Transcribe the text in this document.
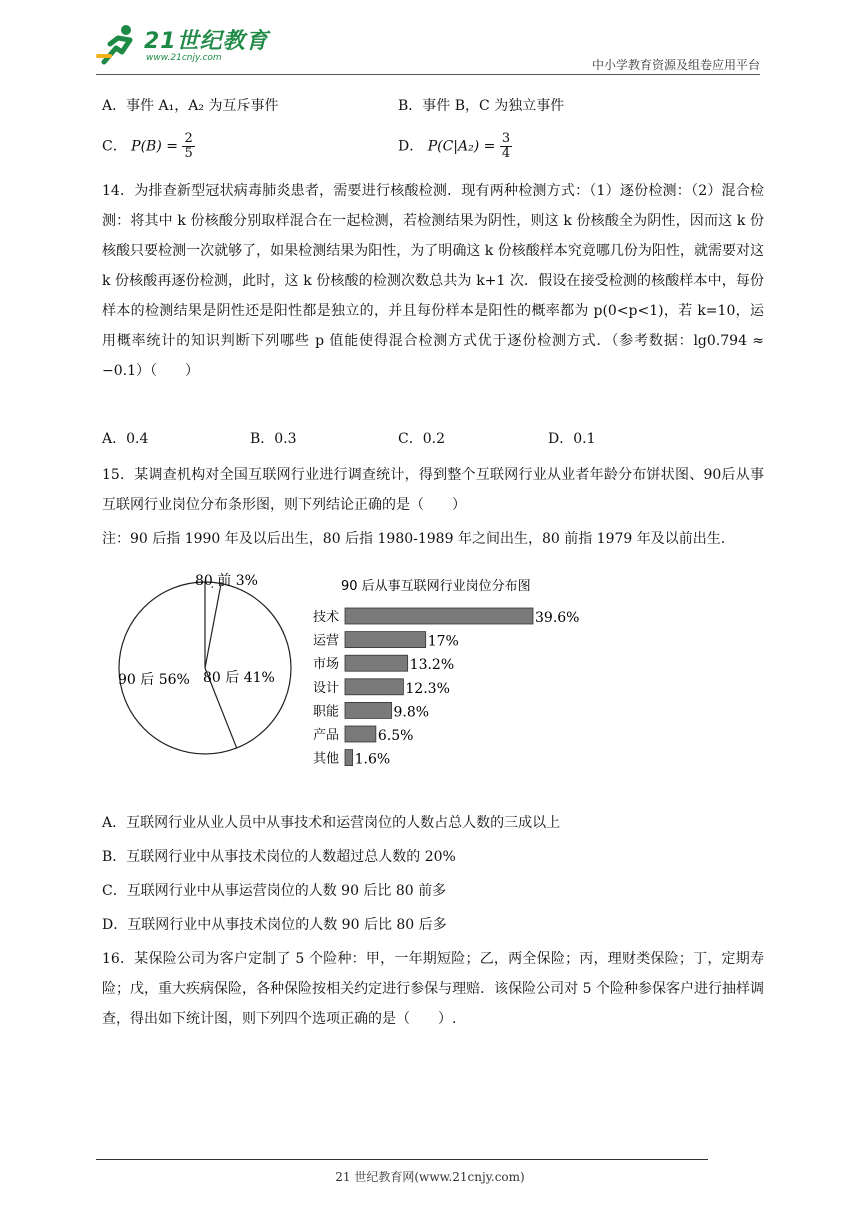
21世纪教育
www.21cnjy.com	中小学教育资源及组卷应用平台
A．事件 A₁，A₂ 为互斥事件	B．事件 B，C 为独立事件
C． $P(B) = \frac{2}{5}$	D． $P(C|A_2) = \frac{3}{4}$
14．为排查新型冠状病毒肺炎患者，需要进行核酸检测．现有两种检测方式：（1）逐份检测：（2）混合检测：将其中 k 份核酸分别取样混合在一起检测，若检测结果为阴性，则这 k 份核酸全为阴性，因而这 k 份核酸只要检测一次就够了，如果检测结果为阳性，为了明确这 k 份核酸样本究竟哪几份为阳性，就需要对这 k 份核酸再逐份检测，此时，这 k 份核酸的检测次数总共为 k+1 次．假设在接受检测的核酸样本中，每份样本的检测结果是阴性还是阳性都是独立的，并且每份样本是阳性的概率都为 p(0<p<1)，若 k=10，运用概率统计的知识判断下列哪些 p 值能使得混合检测方式优于逐份检测方式．（参考数据：lg0.794 ≈ −0.1）（　　）
A．0.4	B．0.3	C．0.2	D．0.1
15．某调查机构对全国互联网行业进行调查统计，得到整个互联网行业从业者年龄分布饼状图、90后从事互联网行业岗位分布条形图，则下列结论正确的是（　　）
注：90 后指 1990 年及以后出生，80 后指 1980-1989 年之间出生，80 前指 1979 年及以前出生.
80 前 3%
80 后 41%
90 后 56%
90 后从事互联网行业岗位分布图
技术	39.6%
运营	17%
市场	13.2%
设计	12.3%
职能	9.8%
产品	6.5%
其他 1.6%
A．互联网行业从业人员中从事技术和运营岗位的人数占总人数的三成以上
B．互联网行业中从事技术岗位的人数超过总人数的 20%
C．互联网行业中从事运营岗位的人数 90 后比 80 前多
D．互联网行业中从事技术岗位的人数 90 后比 80 后多
16．某保险公司为客户定制了 5 个险种：甲，一年期短险；乙，两全保险；丙，理财类保险；丁，定期寿险；戊，重大疾病保险，各种保险按相关约定进行参保与理赔．该保险公司对 5 个险种参保客户进行抽样调查，得出如下统计图，则下列四个选项正确的是（　　）.
21 世纪教育网(www.21cnjy.com)
